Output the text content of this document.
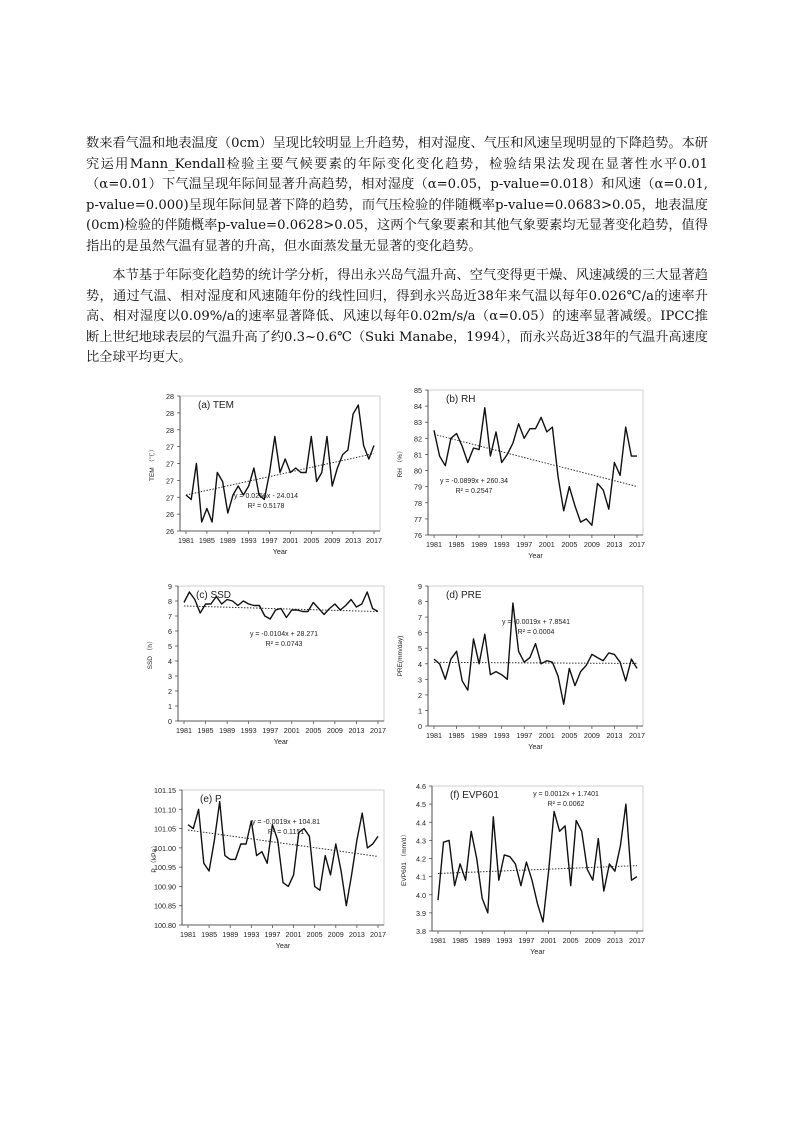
数来看气温和地表温度（0cm）呈现比较明显上升趋势，相对湿度、气压和风速呈现明显的下降趋势。本研究运用Mann_Kendall检验主要气候要素的年际变化变化趋势，检验结果法发现在显著性水平0.01（α=0.01）下气温呈现年际间显著升高趋势，相对湿度（α=0.05，p-value=0.018）和风速（α=0.01, p-value=0.000)呈现年际间显著下降的趋势，而气压检验的伴随概率p-value=0.0683>0.05，地表温度(0cm)检验的伴随概率p-value=0.0628>0.05，这两个气象要素和其他气象要素均无显著变化趋势，值得指出的是虽然气温有显著的升高，但水面蒸发量无显著的变化趋势。

本节基于年际变化趋势的统计学分析，得出永兴岛气温升高、空气变得更干燥、风速减缓的三大显著趋势，通过气温、相对湿度和风速随年份的线性回归，得到永兴岛近38年来气温以每年0.026℃/a的速率升高、相对湿度以0.09%/a的速率显著降低、风速以每年0.02m/s/a（α=0.05）的速率显著减缓。IPCC推断上世纪地球表层的气温升高了约0.3~0.6℃（Suki Manabe，1994），而永兴岛近38年的气温升高速度比全球平均更大。

26
26
27
27
27
27
28
28
28
1981 1985 1989 1993 1997 2001 2005 2009 2013 2017
Year
TEM （℃）
(a) TEM
y = 0.0256x - 24.014
R² = 0.5178
76
77
78
79
80
81
82
83
84
85
1981 1985 1989 1993 1997 2001 2005 2009 2013 2017
Year
RH （%）
(b) RH
y = -0.0899x + 260.34
R² = 0.2547
0
1
2
3
4
5
6
7
8
9
1981 1985 1989 1993 1997 2001 2005 2009 2013 2017
Year
SSD （h）
(c) SSD
y = -0.0104x + 28.271
R² = 0.0743
0
1
2
3
4
5
6
7
8
9
1981 1985 1989 1993 1997 2001 2005 2009 2013 2017
Year
PRE(mm/day)
(d) PRE
y = -0.0019x + 7.8541
R² = 0.0004
100.80
100.85
100.90
100.95
101.00
101.05
101.10
101.15
1981 1985 1989 1993 1997 2001 2005 2009 2013 2017
Year
P （kPa）
(e) P
y = -0.0019x + 104.81
R² = 0.1151
3.8
3.9
4.0
4.1
4.2
4.3
4.4
4.5
4.6
1981 1985 1989 1993 1997 2001 2005 2009 2013 2017
Year
EVP601 （mm/d）
(f) EVP601	y = 0.0012x + 1.7401
R² = 0.0062
